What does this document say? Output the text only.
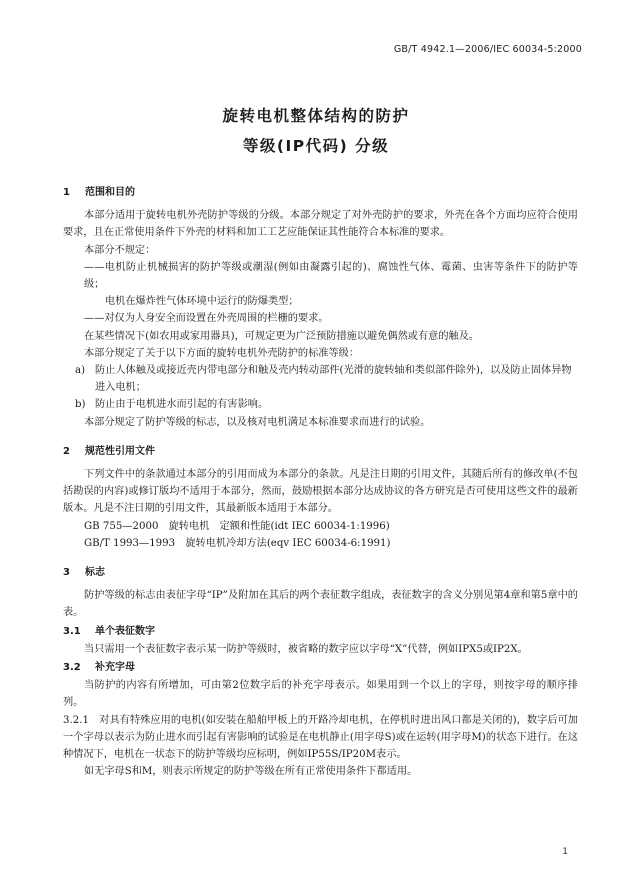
GB/T 4942.1—2006/IEC 60034-5:2000
旋转电机整体结构的防护
等级(IP代码) 分级
1 范围和目的

本部分适用于旋转电机外壳防护等级的分级。本部分规定了对外壳防护的要求，外壳在各个方面均应符合使用要求，且在正常使用条件下外壳的材料和加工工艺应能保证其性能符合本标准的要求。

本部分不规定：

——电机防止机械损害的防护等级或潮湿(例如由凝露引起的)、腐蚀性气体、霉菌、虫害等条件下的防护等级；

电机在爆炸性气体环境中运行的防爆类型；

——对仅为人身安全而设置在外壳周围的栏栅的要求。

在某些情况下(如农用或家用器具)，可规定更为广泛预防措施以避免偶然或有意的触及。

本部分规定了关于以下方面的旋转电机外壳防护的标准等级：

a) 防止人体触及或接近壳内带电部分和触及壳内转动部件(光滑的旋转轴和类似部件除外)，以及防止固体异物进入电机；
b) 防止由于电机进水而引起的有害影响。

本部分规定了防护等级的标志，以及核对电机满足本标准要求而进行的试验。

2 规范性引用文件

下列文件中的条款通过本部分的引用而成为本部分的条款。凡是注日期的引用文件，其随后所有的修改单(不包括勘误的内容)或修订版均不适用于本部分，然而，鼓励根据本部分达成协议的各方研究是否可使用这些文件的最新版本。凡是不注日期的引用文件，其最新版本适用于本部分。

GB 755—2000　旋转电机　定额和性能(idt IEC 60034-1:1996)

GB/T 1993—1993　旋转电机冷却方法(eqv IEC 60034-6:1991)

3 标志

防护等级的标志由表征字母“IP”及附加在其后的两个表征数字组成，表征数字的含义分别见第4章和第5章中的表。

3.1 单个表征数字

当只需用一个表征数字表示某一防护等级时，被省略的数字应以字母“X”代替，例如IPX5或IP2X。

3.2 补充字母

当防护的内容有所增加，可由第2位数字后的补充字母表示。如果用到一个以上的字母，则按字母的顺序排列。

3.2.1　对具有特殊应用的电机(如安装在船舶甲板上的开路冷却电机，在停机时进出风口都是关闭的)，数字后可加一个字母以表示为防止进水而引起有害影响的试验是在电机静止(用字母S)或在运转(用字母M)的状态下进行。在这种情况下，电机在一状态下的防护等级均应标明，例如IP55S/IP20M表示。

如无字母S和M，则表示所规定的防护等级在所有正常使用条件下都适用。

1
